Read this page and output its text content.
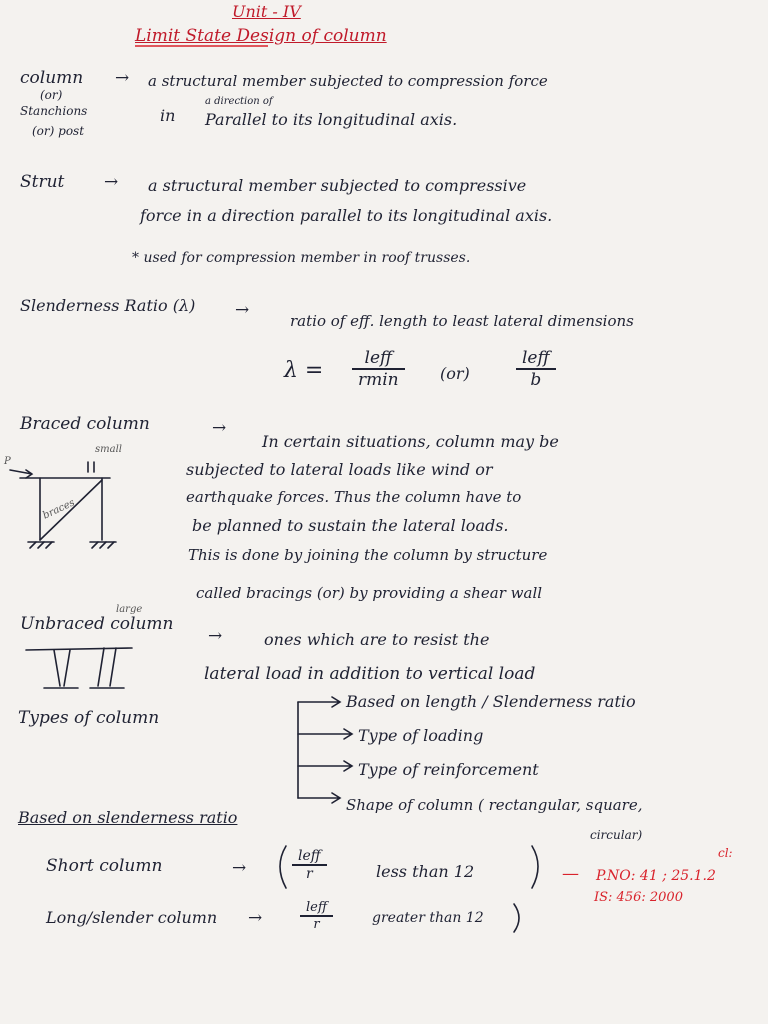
Unit - IV
Limit State Design of column
column
(or)
Stanchions
(or) post
→ a structural member subjected to compression force
a direction of
in Parallel to its longitudinal axis.
Strut → a structural member subjected to compressive
force in a direction parallel to its longitudinal axis.
* used for compression member in roof trusses.
Slenderness Ratio (λ) →
ratio of eff. length to least lateral dimensions
λ =	leff
rmin	(or)
leff
b
Braced column	→
In certain situations, column may be
subjected to lateral loads like wind or
earthquake forces. Thus the column have to
be planned to sustain the lateral loads.
This is done by joining the column by structure
called bracings (or) by providing a shear wall
small
P
braces
Unbraced column
large
→	ones which are to resist the
lateral load in addition to vertical load
Types of column
Based on length / Slenderness ratio
Type of loading
Type of reinforcement
Shape of column ( rectangular, square,
circular)
Based on slenderness ratio
Short column	→
leff
r	less than 12
Long/slender column →
leff
r	greater than 12
—
cl:
P.NO: 41 ; 25.1.2
IS: 456: 2000
